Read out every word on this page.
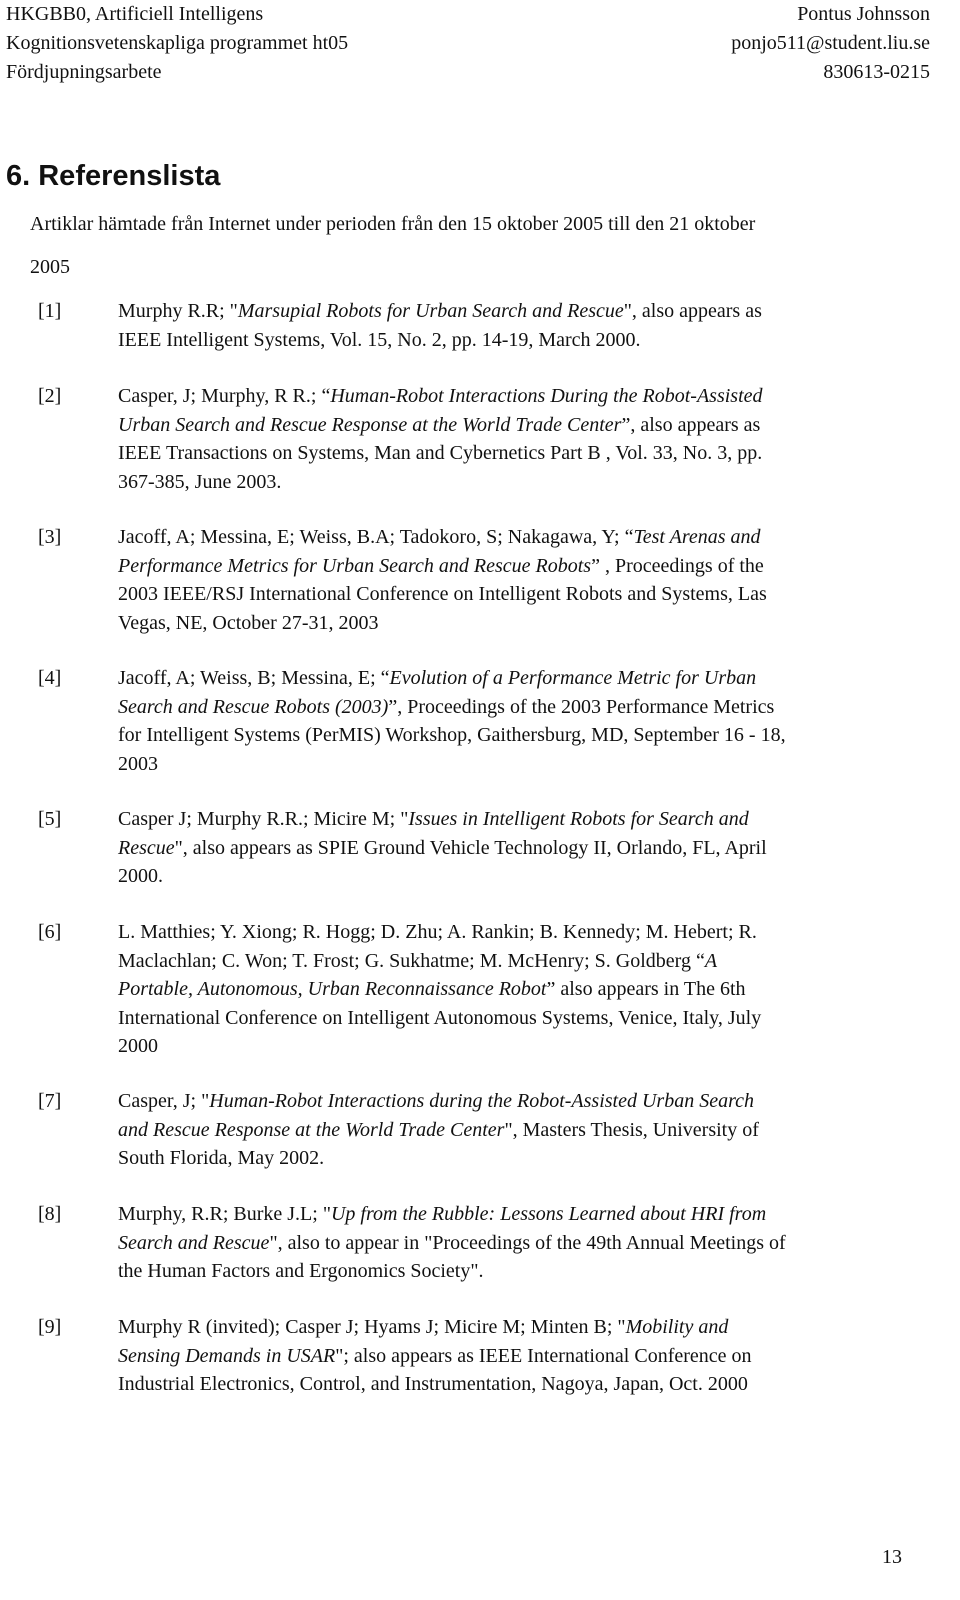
HKGBB0, Artificiell Intelligens
Kognitionsvetenskapliga programmet ht05
Fördjupningsarbete
Pontus Johnsson
ponjo511@student.liu.se
830613-0215
6. Referenslista

Artiklar hämtade från Internet under perioden från den 15 oktober 2005 till den 21 oktober
2005

[1]	Murphy R.R; "Marsupial Robots for Urban Search and Rescue", also appears as
IEEE Intelligent Systems, Vol. 15, No. 2, pp. 14-19, March 2000.
[2]	Casper, J; Murphy, R R.; “Human-Robot Interactions During the Robot-Assisted
Urban Search and Rescue Response at the World Trade Center”, also appears as
IEEE Transactions on Systems, Man and Cybernetics Part B , Vol. 33, No. 3, pp.
367-385, June 2003.
[3]	Jacoff, A; Messina, E; Weiss, B.A; Tadokoro, S; Nakagawa, Y; “Test Arenas and
Performance Metrics for Urban Search and Rescue Robots” , Proceedings of the
2003 IEEE/RSJ International Conference on Intelligent Robots and Systems, Las
Vegas, NE, October 27-31, 2003
[4]	Jacoff, A; Weiss, B; Messina, E; “Evolution of a Performance Metric for Urban
Search and Rescue Robots (2003)”, Proceedings of the 2003 Performance Metrics
for Intelligent Systems (PerMIS) Workshop, Gaithersburg, MD, September 16 - 18,
2003
[5]	Casper J; Murphy R.R.; Micire M; "Issues in Intelligent Robots for Search and
Rescue", also appears as SPIE Ground Vehicle Technology II, Orlando, FL, April
2000.
[6]	L. Matthies; Y. Xiong; R. Hogg; D. Zhu; A. Rankin; B. Kennedy; M. Hebert; R.
Maclachlan; C. Won; T. Frost; G. Sukhatme; M. McHenry; S. Goldberg “A
Portable, Autonomous, Urban Reconnaissance Robot” also appears in The 6th
International Conference on Intelligent Autonomous Systems, Venice, Italy, July
2000
[7]	Casper, J; "Human-Robot Interactions during the Robot-Assisted Urban Search
and Rescue Response at the World Trade Center", Masters Thesis, University of
South Florida, May 2002.
[8]	Murphy, R.R; Burke J.L; "Up from the Rubble: Lessons Learned about HRI from
Search and Rescue", also to appear in "Proceedings of the 49th Annual Meetings of
the Human Factors and Ergonomics Society".
[9]	Murphy R (invited); Casper J; Hyams J; Micire M; Minten B; "Mobility and
Sensing Demands in USAR"; also appears as IEEE International Conference on
Industrial Electronics, Control, and Instrumentation, Nagoya, Japan, Oct. 2000
13
